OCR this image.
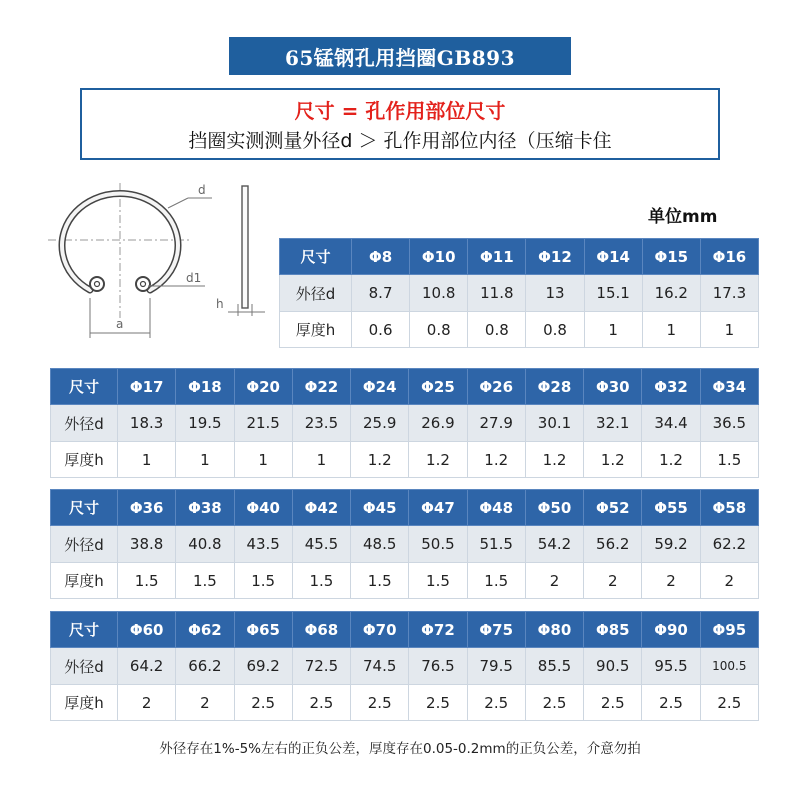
65锰钢孔用挡圈GB893
尺寸 = 孔作用部位尺寸
挡圈实测测量外径d ＞ 孔作用部位内径（压缩卡住
d
d1
a
h
单位mm
尺寸	Φ8	Φ10	Φ11	Φ12	Φ14	Φ15	Φ16
外径d	8.7	10.8	11.8	13	15.1	16.2	17.3
厚度h	0.6	0.8	0.8	0.8	1	1	1
尺寸	Φ17	Φ18	Φ20	Φ22	Φ24	Φ25	Φ26	Φ28	Φ30	Φ32	Φ34
外径d	18.3	19.5	21.5	23.5	25.9	26.9	27.9	30.1	32.1	34.4	36.5
厚度h	1	1	1	1	1.2	1.2	1.2	1.2	1.2	1.2	1.5
尺寸	Φ36	Φ38	Φ40	Φ42	Φ45	Φ47	Φ48	Φ50	Φ52	Φ55	Φ58
外径d	38.8	40.8	43.5	45.5	48.5	50.5	51.5	54.2	56.2	59.2	62.2
厚度h	1.5	1.5	1.5	1.5	1.5	1.5	1.5	2	2	2	2
尺寸	Φ60	Φ62	Φ65	Φ68	Φ70	Φ72	Φ75	Φ80	Φ85	Φ90	Φ95
外径d	64.2	66.2	69.2	72.5	74.5	76.5	79.5	85.5	90.5	95.5	100.5
厚度h	2	2	2.5	2.5	2.5	2.5	2.5	2.5	2.5	2.5	2.5
外径存在1%-5%左右的正负公差，厚度存在0.05-0.2mm的正负公差，介意勿拍
